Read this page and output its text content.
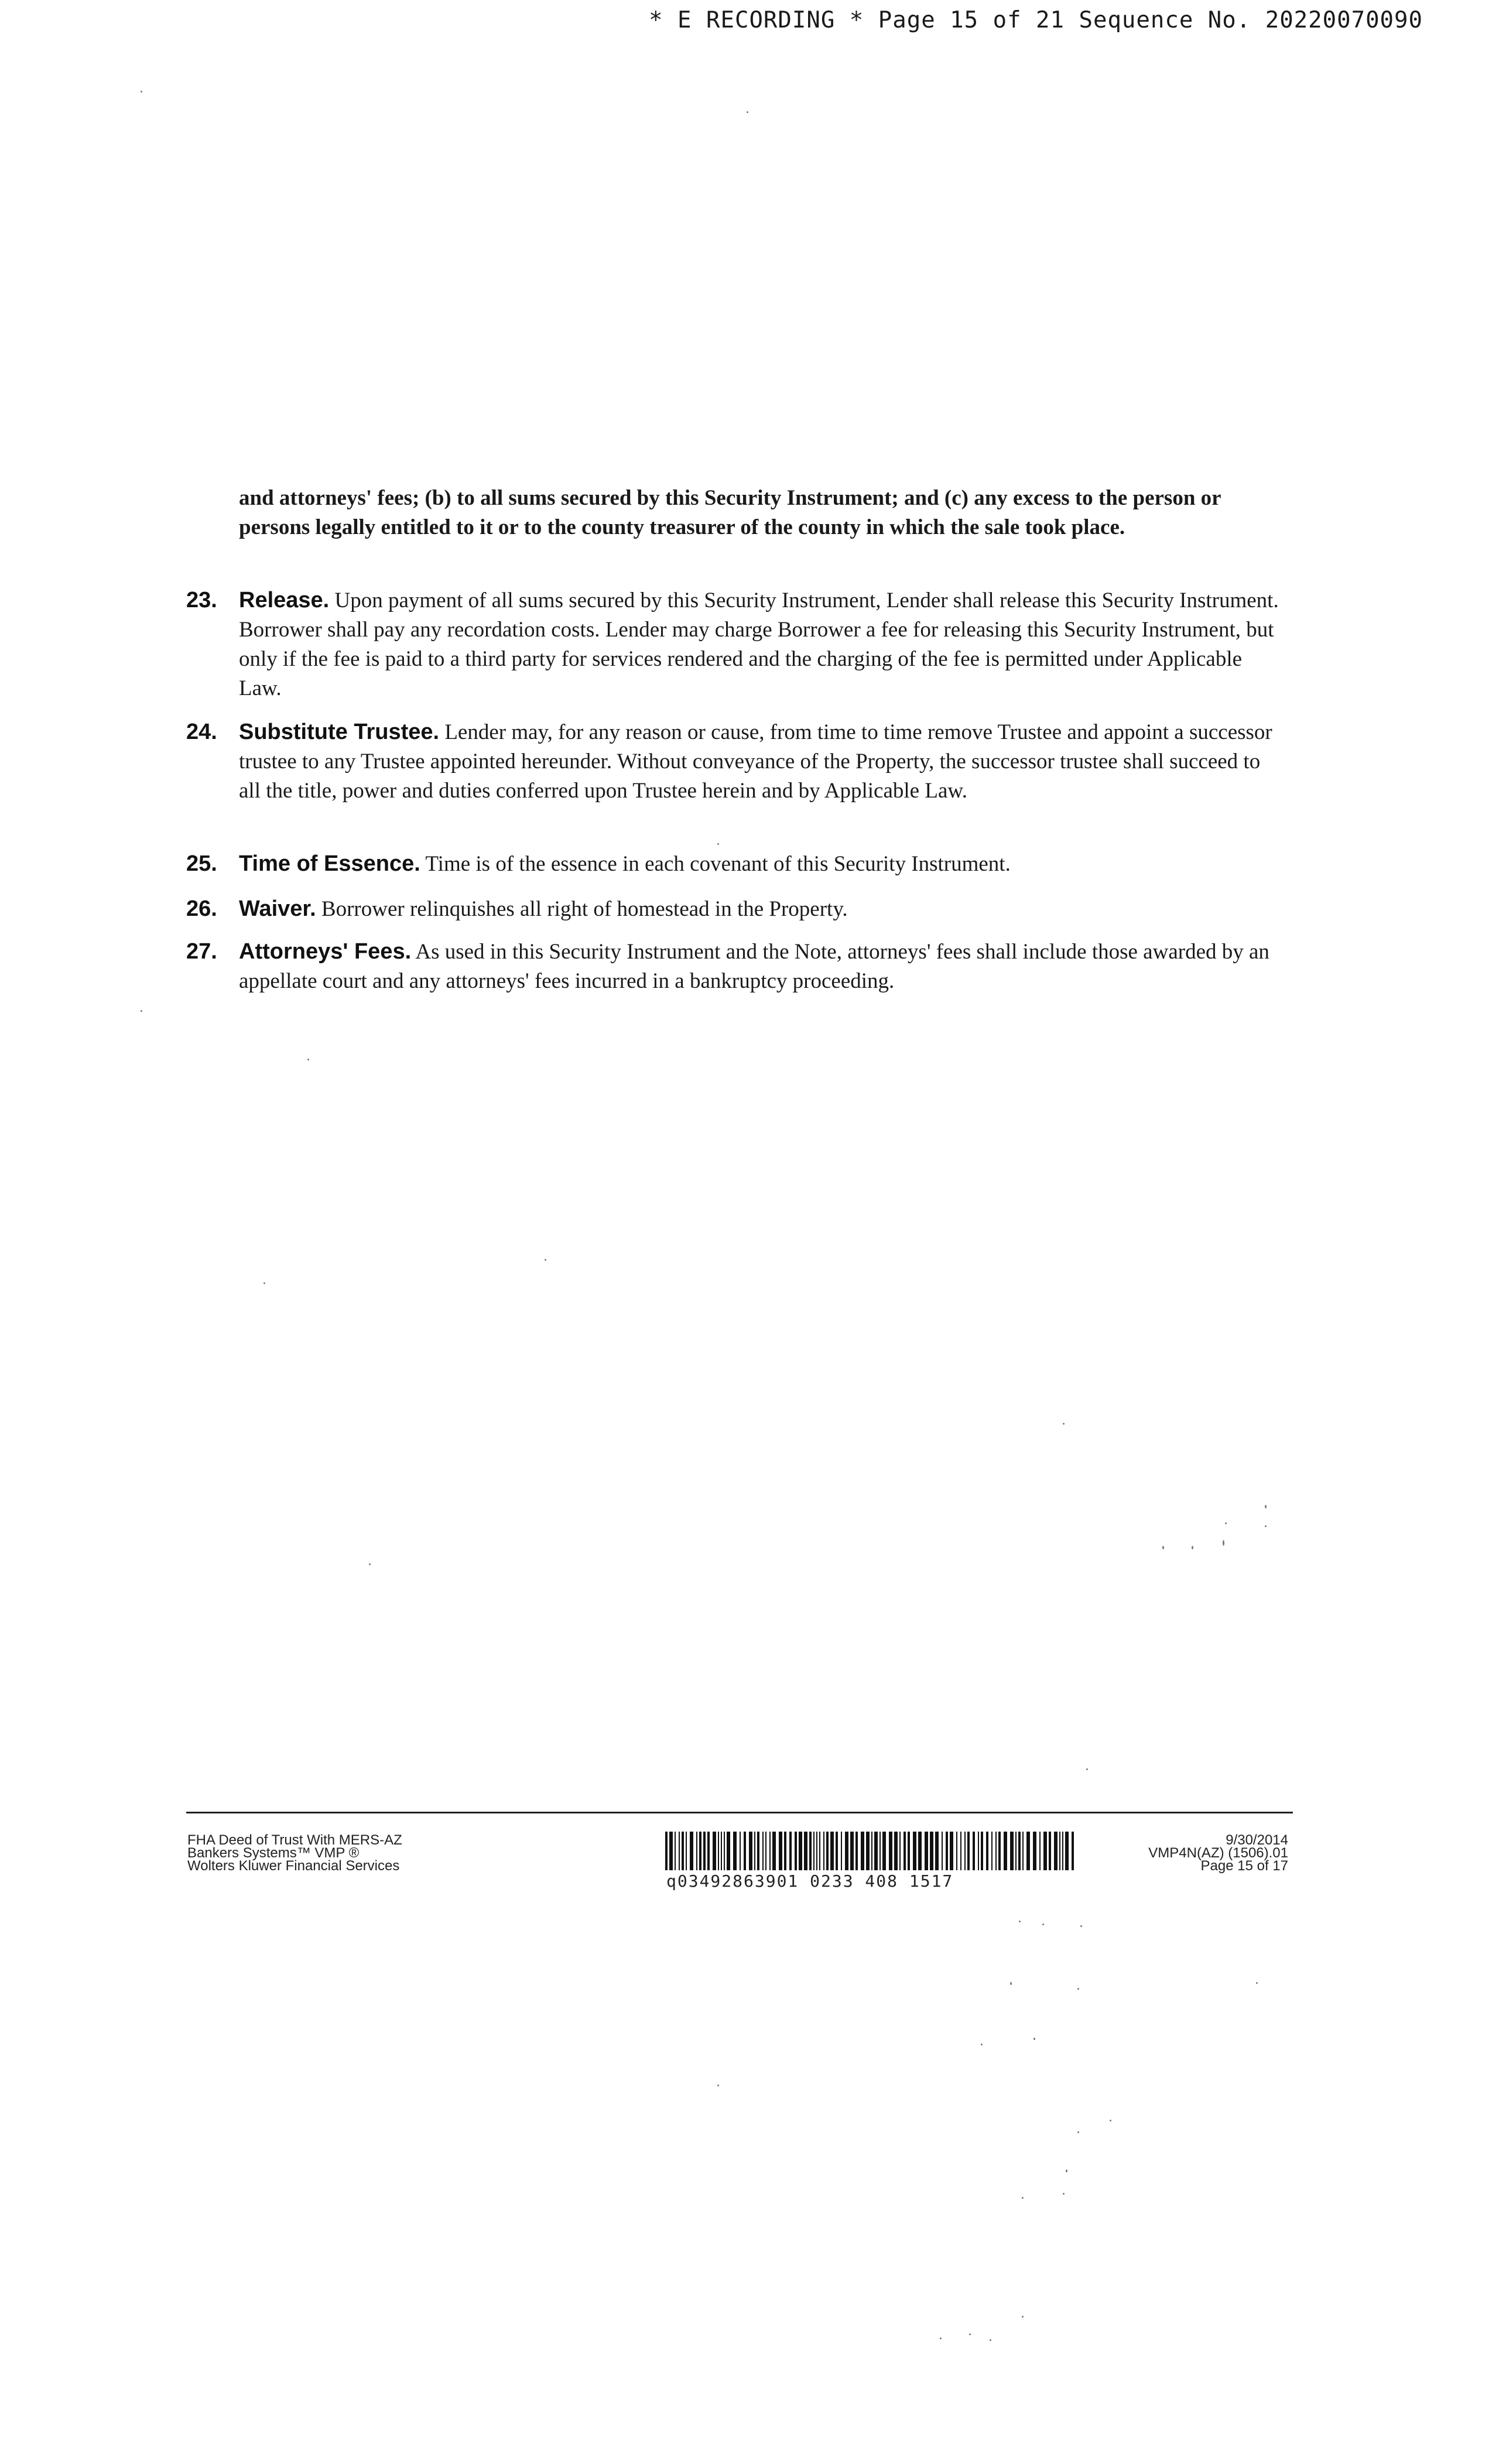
* E RECORDING * Page 15 of 21 Sequence No. 20220070090
and attorneys' fees; (b) to all sums secured by this Security Instrument; and (c) any excess to the person or persons legally entitled to it or to the county treasurer of the county in which the sale took place.
23. Release. Upon payment of all sums secured by this Security Instrument, Lender shall release this Security Instrument. Borrower shall pay any recordation costs. Lender may charge Borrower a fee for releasing this Security Instrument, but only if the fee is paid to a third party for services rendered and the charging of the fee is permitted under Applicable Law.
24. Substitute Trustee. Lender may, for any reason or cause, from time to time remove Trustee and appoint a successor trustee to any Trustee appointed hereunder. Without conveyance of the Property, the successor trustee shall succeed to all the title, power and duties conferred upon Trustee herein and by Applicable Law.
25. Time of Essence. Time is of the essence in each covenant of this Security Instrument.
26. Waiver. Borrower relinquishes all right of homestead in the Property.
27. Attorneys' Fees. As used in this Security Instrument and the Note, attorneys' fees shall include those awarded by an appellate court and any attorneys' fees incurred in a bankruptcy proceeding.
FHA Deed of Trust With MERS-AZ
Bankers Systems™ VMP ®
Wolters Kluwer Financial Services
q03492863901 0233 408 1517
9/30/2014
VMP4N(AZ) (1506).01
Page 15 of 17
